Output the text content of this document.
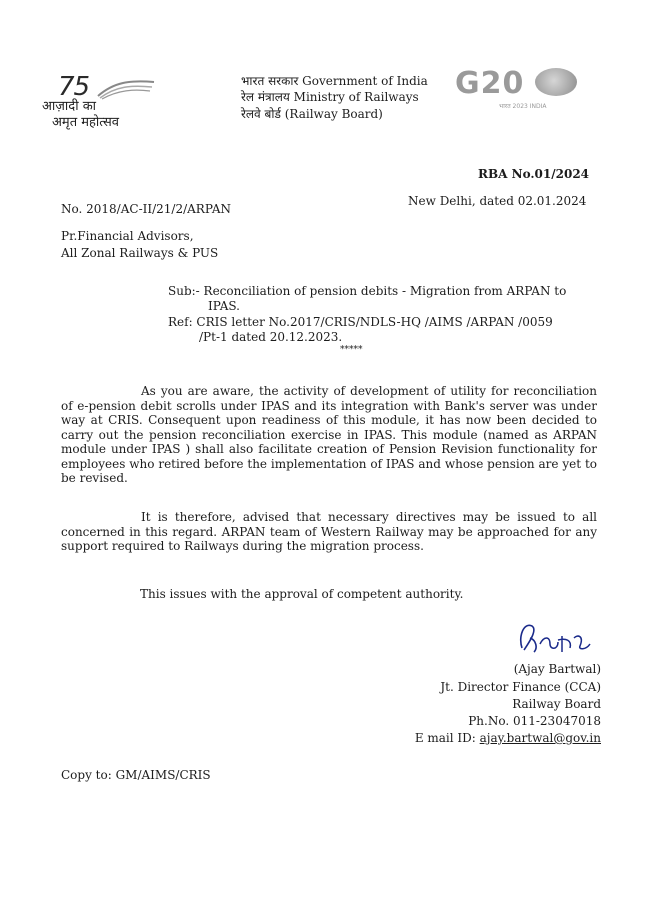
75
आज़ादी का
अमृत महोत्सव
भारत सरकार Government of India
रेल मंत्रालय Ministry of Railways
रेलवे बोर्ड (Railway Board)
G20
भारत 2023 INDIA
RBA No.01/2024
New Delhi, dated 02.01.2024
No. 2018/AC-II/21/2/ARPAN
Pr.Financial Advisors,
All Zonal Railways & PUS
Sub:- Reconciliation of pension debits - Migration from ARPAN to
IPAS.
Ref: CRIS letter No.2017/CRIS/NDLS-HQ /AIMS /ARPAN /0059
/Pt-1 dated 20.12.2023.
*****
As you are aware, the activity of development of utility for reconciliation of e-pension debit scrolls under IPAS and its integration with Bank's server was under way at CRIS. Consequent upon readiness of this module, it has now been decided to carry out the pension reconciliation exercise in IPAS. This module (named as ARPAN module under IPAS ) shall also facilitate creation of Pension Revision functionality for employees who retired before the implementation of IPAS and whose pension are yet to be revised.
It is therefore, advised that necessary directives may be issued to all concerned in this regard. ARPAN team of Western Railway may be approached for any support required to Railways during the migration process.
This issues with the approval of competent authority.
(Ajay Bartwal)
Jt. Director Finance (CCA)
Railway Board
Ph.No. 011-23047018
E mail ID: ajay.bartwal@gov.in
Copy to: GM/AIMS/CRIS
